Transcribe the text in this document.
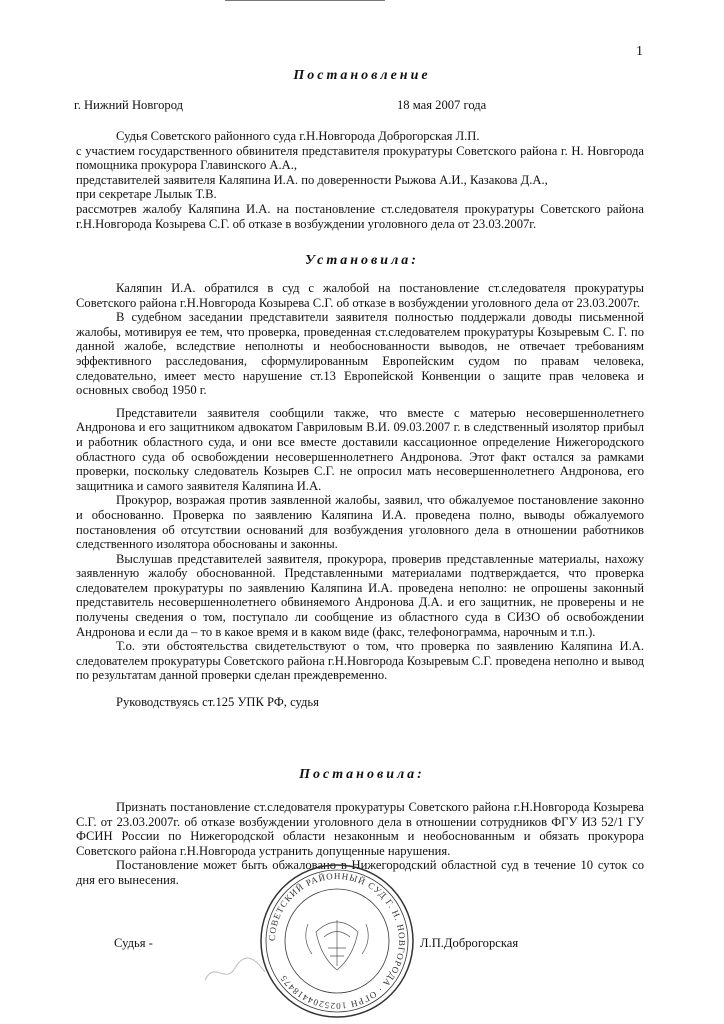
1
Постановление
г. Нижний Новгород	18 мая 2007 года

Судья Советского районного суда г.Н.Новгорода Доброгорская Л.П.

с участием государственного обвинителя представителя прокуратуры Советского района г. Н. Новгорода помощника прокурора Главинского А.А.,

представителей заявителя Каляпина И.А. по доверенности Рыжова А.И., Казакова Д.А.,

при секретаре Лылык Т.В.

рассмотрев жалобу Каляпина И.А. на постановление ст.следователя прокуратуры Советского района г.Н.Новгорода Козырева С.Г. об отказе в возбуждении уголовного дела от 23.03.2007г.

Установила:

Каляпин И.А. обратился в суд с жалобой на постановление ст.следователя прокуратуры Советского района г.Н.Новгорода Козырева С.Г. об отказе в возбуждении уголовного дела от 23.03.2007г.

В судебном заседании представители заявителя полностью поддержали доводы письменной жалобы, мотивируя ее тем, что проверка, проведенная ст.следователем прокуратуры Козыревым С. Г. по данной жалобе, вследствие неполноты и необоснованности выводов, не отвечает требованиям эффективного расследования, сформулированным Европейским судом по правам человека, следовательно, имеет место нарушение ст.13 Европейской Конвенции о защите прав человека и основных свобод 1950 г.

Представители заявителя сообщили также, что вместе с матерью несовершеннолетнего Андронова и его защитником адвокатом Гавриловым В.И. 09.03.2007 г. в следственный изолятор прибыл и работник областного суда, и они все вместе доставили кассационное определение Нижегородского областного суда об освобождении несовершеннолетнего Андронова. Этот факт остался за рамками проверки, поскольку следователь Козырев С.Г. не опросил мать несовершеннолетнего Андронова, его защитника и самого заявителя Каляпина И.А.

Прокурор, возражая против заявленной жалобы, заявил, что обжалуемое постановление законно и обоснованно. Проверка по заявлению Каляпина И.А. проведена полно, выводы обжалуемого постановления об отсутствии оснований для возбуждения уголовного дела в отношении работников следственного изолятора обоснованы и законны.

Выслушав представителей заявителя, прокурора, проверив представленные материалы, нахожу заявленную жалобу обоснованной. Представленными материалами подтверждается, что проверка следователем прокуратуры по заявлению Каляпина И.А. проведена неполно: не опрошены законный представитель несовершеннолетнего обвиняемого Андронова Д.А. и его защитник, не проверены и не получены сведения о том, поступало ли сообщение из областного суда в СИЗО об освобождении Андронова и если да – то в какое время и в каком виде (факс, телефонограмма, нарочным и т.п.).

Т.о. эти обстоятельства свидетельствуют о том, что проверка по заявлению Каляпина И.А. следователем прокуратуры Советского района г.Н.Новгорода Козыревым С.Г. проведена неполно и вывод по результатам данной проверки сделан преждевременно.

Руководствуясь ст.125 УПК РФ, судья

Постановила:

Признать постановление ст.следователя прокуратуры Советского района г.Н.Новгорода Козырева С.Г. от 23.03.2007г. об отказе возбуждении уголовного дела в отношении сотрудников ФГУ ИЗ 52/1 ГУ ФСИН России по Нижегородской области незаконным и необоснованным и обязать прокурора Советского района г.Н.Новгорода устранить допущенные нарушения.

Постановление может быть обжаловано в Нижегородский областной суд в течение 10 суток со дня его вынесения.

Судья -	Л.П.Доброгорская
СОВЕТСКИЙ РАЙОННЫЙ СУД Г. Н. НОВГОРОДА · ОГРН 1025204418475
